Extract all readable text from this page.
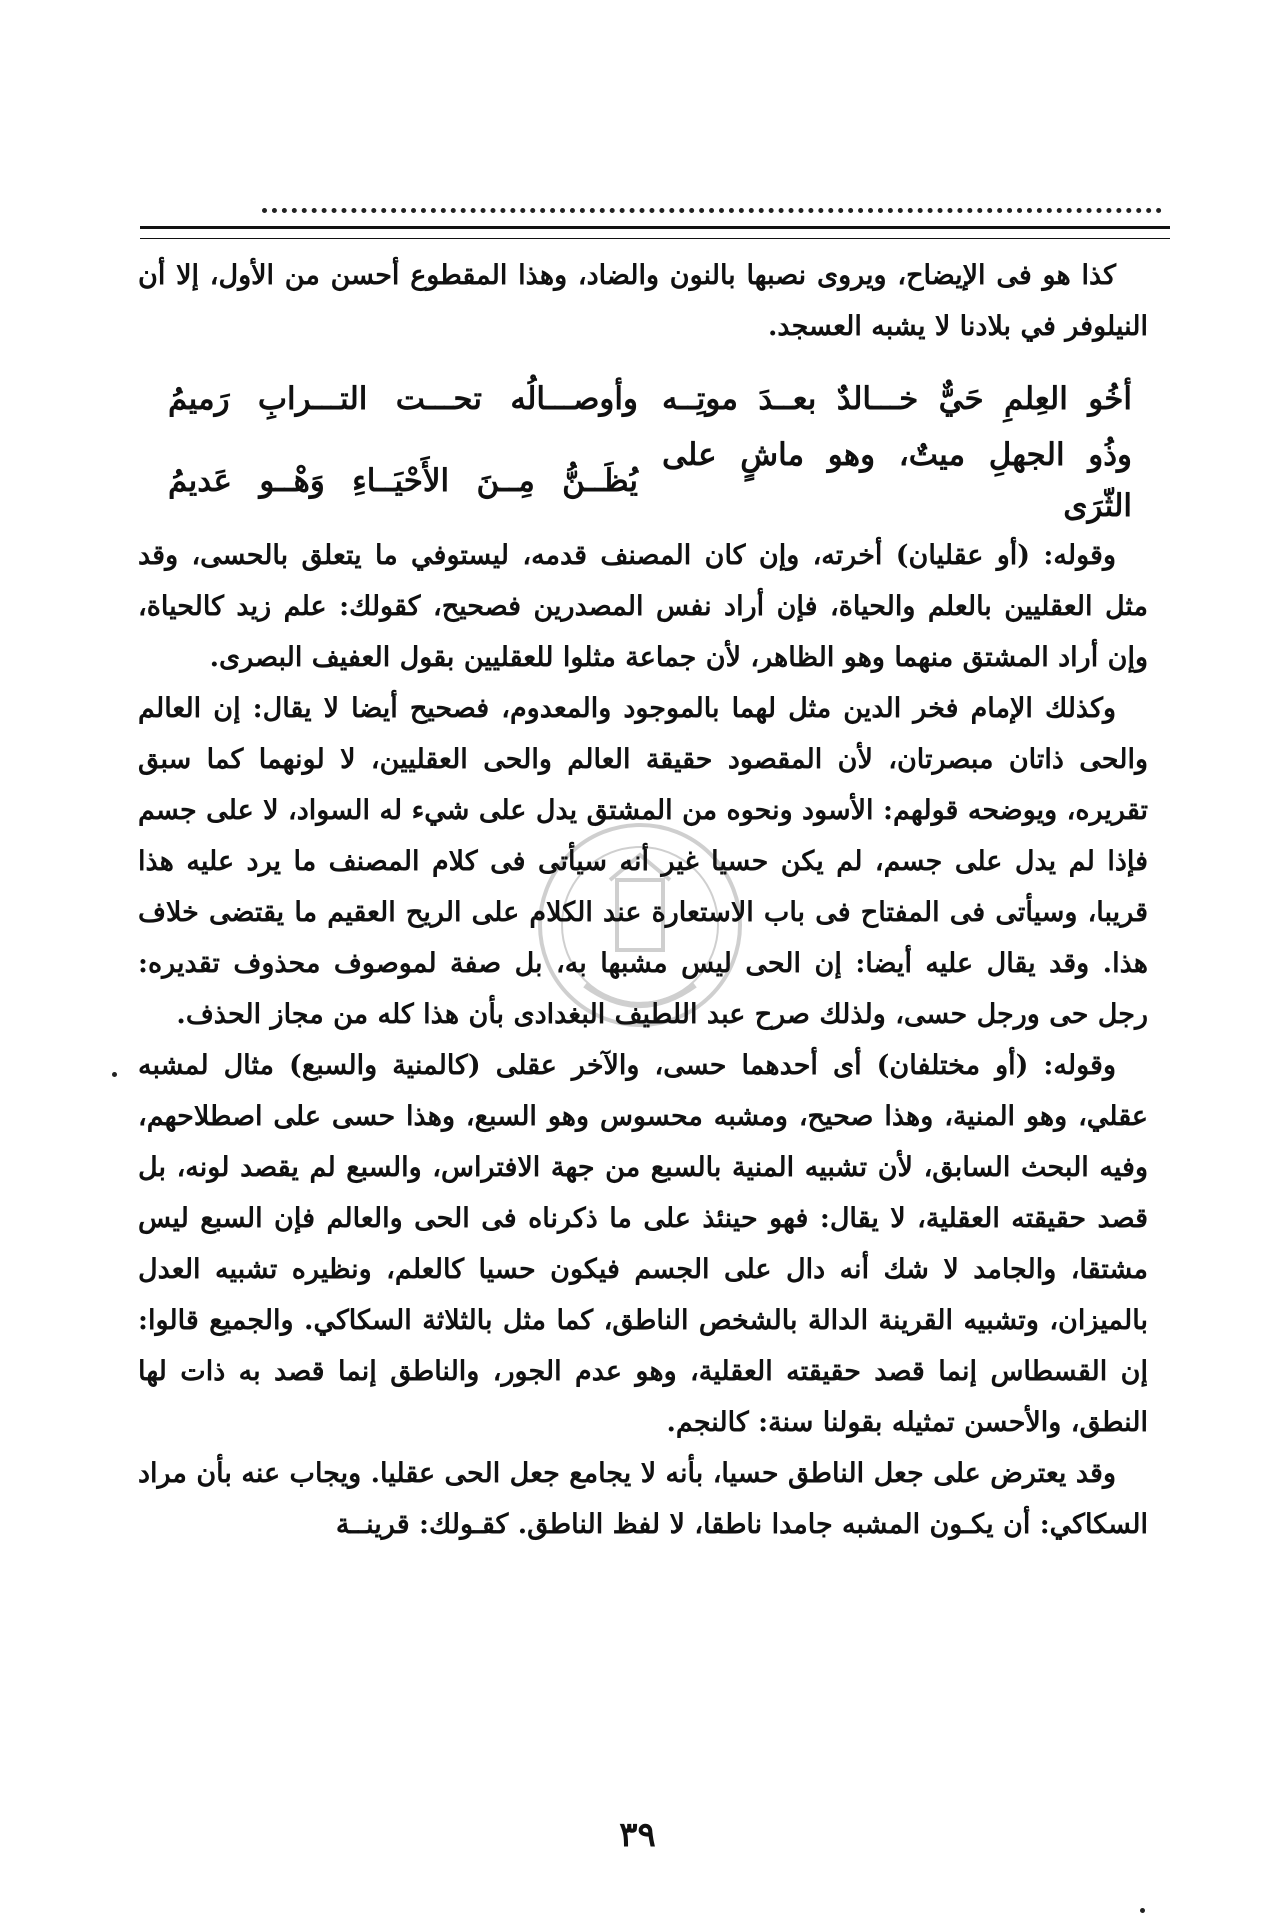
كذا هو فى الإيضاح، ويروى نصبها بالنون والضاد، وهذا المقطوع أحسن من الأول، إلا أن النيلوفر في بلادنا لا يشبه العسجد.

أخُو العِلمِ حَيٌّ خـــالدٌ بعــدَ موتِــه
وأوصـــالُه تحـــت التـــرابِ رَميمُ
وذُو الجهلِ ميتٌ، وهو ماشٍ على الثّرَى
يُظَــنُّ مِــنَ الأَحْيَــاءِ وَهْــو عَديمُ

وقوله: (أو عقليان) أخرته، وإن كان المصنف قدمه، ليستوفي ما يتعلق بالحسى، وقد مثل العقليين بالعلم والحياة، فإن أراد نفس المصدرين فصحيح، كقولك: علم زيد كالحياة، وإن أراد المشتق منهما وهو الظاهر، لأن جماعة مثلوا للعقليين بقول العفيف البصرى.

وكذلك الإمام فخر الدين مثل لهما بالموجود والمعدوم، فصحيح أيضا لا يقال: إن العالم والحى ذاتان مبصرتان، لأن المقصود حقيقة العالم والحى العقليين، لا لونهما كما سبق تقريره، ويوضحه قولهم: الأسود ونحوه من المشتق يدل على شيء له السواد، لا على جسم فإذا لم يدل على جسم، لم يكن حسيا غير أنه سيأتى فى كلام المصنف ما يرد عليه هذا قريبا، وسيأتى فى المفتاح فى باب الاستعارة عند الكلام على الريح العقيم ما يقتضى خلاف هذا. وقد يقال عليه أيضا: إن الحى ليس مشبها به، بل صفة لموصوف محذوف تقديره: رجل حى ورجل حسى، ولذلك صرح عبد اللطيف البغدادى بأن هذا كله من مجاز الحذف.

وقوله: (أو مختلفان) أى أحدهما حسى، والآخر عقلى (كالمنية والسبع) مثال لمشبه عقلي، وهو المنية، وهذا صحيح، ومشبه محسوس وهو السبع، وهذا حسى على اصطلاحهم، وفيه البحث السابق، لأن تشبيه المنية بالسبع من جهة الافتراس، والسبع لم يقصد لونه، بل قصد حقيقته العقلية، لا يقال: فهو حينئذ على ما ذكرناه فى الحى والعالم فإن السبع ليس مشتقا، والجامد لا شك أنه دال على الجسم فيكون حسيا كالعلم، ونظيره تشبيه العدل بالميزان، وتشبيه القرينة الدالة بالشخص الناطق، كما مثل بالثلاثة السكاكي. والجميع قالوا: إن القسطاس إنما قصد حقيقته العقلية، وهو عدم الجور، والناطق إنما قصد به ذات لها النطق، والأحسن تمثيله بقولنا سنة: كالنجم.

وقد يعترض على جعل الناطق حسيا، بأنه لا يجامع جعل الحى عقليا. ويجاب عنه بأن مراد السكاكي: أن يكـون المشبه جامدا ناطقا، لا لفظ الناطق. كقـولك: قرينــة

٣٩
